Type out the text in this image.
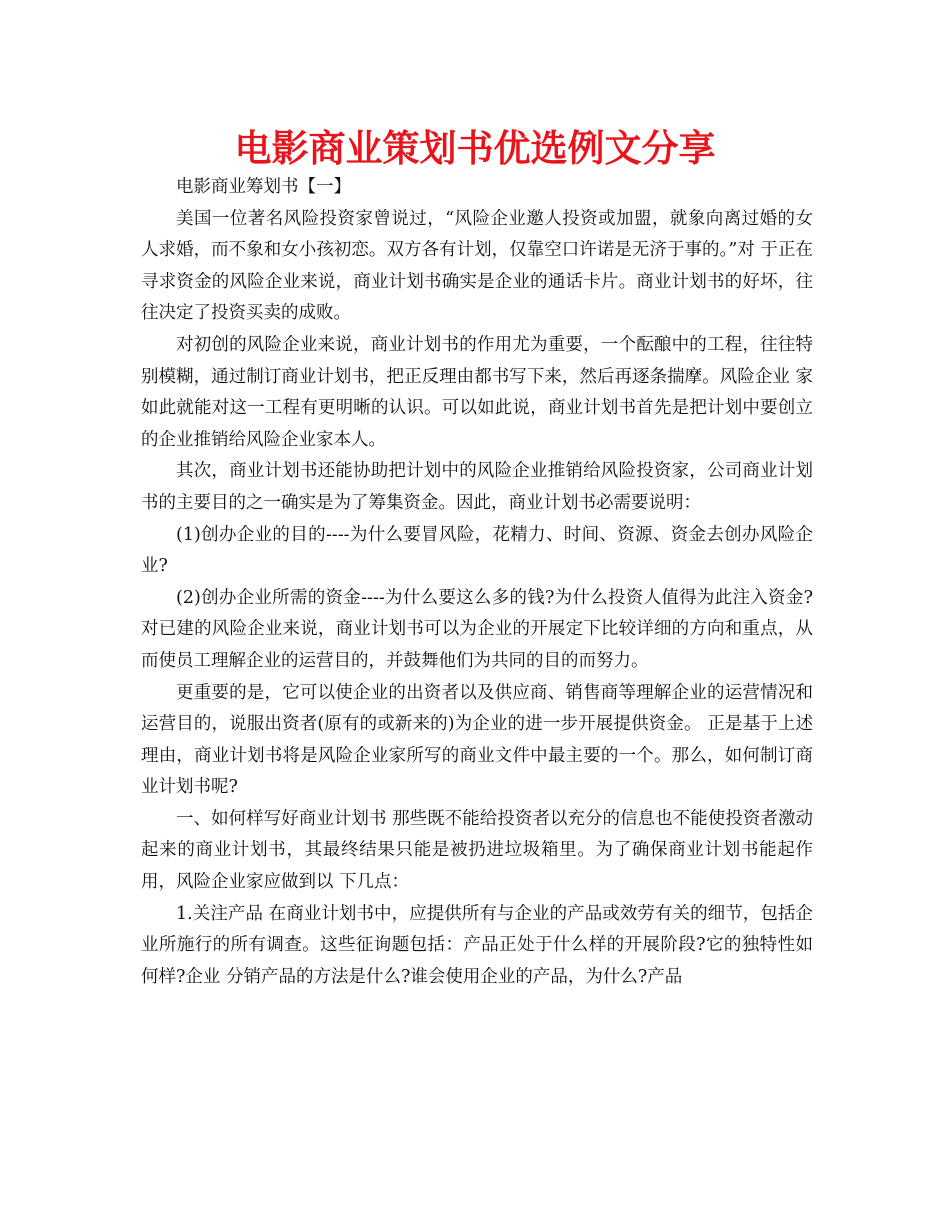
电影商业策划书优选例文分享

电影商业筹划书【一】

美国一位著名风险投资家曾说过，“风险企业邀人投资或加盟，就象向离过婚的女人求婚，而不象和女小孩初恋。双方各有计划，仅靠空口许诺是无济于事的。”对 于正在寻求资金的风险企业来说，商业计划书确实是企业的通话卡片。商业计划书的好坏，往往决定了投资买卖的成败。

对初创的风险企业来说，商业计划书的作用尤为重要，一个酝酿中的工程，往往特别模糊，通过制订商业计划书，把正反理由都书写下来，然后再逐条揣摩。风险企业 家如此就能对这一工程有更明晰的认识。可以如此说，商业计划书首先是把计划中要创立的企业推销给风险企业家本人。

其次，商业计划书还能协助把计划中的风险企业推销给风险投资家，公司商业计划书的主要目的之一确实是为了筹集资金。因此，商业计划书必需要说明：

(1)创办企业的目的----为什么要冒风险，花精力、时间、资源、资金去创办风险企业?

(2)创办企业所需的资金----为什么要这么多的钱?为什么投资人值得为此注入资金? 对已建的风险企业来说，商业计划书可以为企业的开展定下比较详细的方向和重点，从而使员工理解企业的运营目的，并鼓舞他们为共同的目的而努力。

更重要的是，它可以使企业的出资者以及供应商、销售商等理解企业的运营情况和运营目的，说服出资者(原有的或新来的)为企业的进一步开展提供资金。 正是基于上述理由，商业计划书将是风险企业家所写的商业文件中最主要的一个。那么，如何制订商业计划书呢?

一、如何样写好商业计划书 那些既不能给投资者以充分的信息也不能使投资者激动起来的商业计划书，其最终结果只能是被扔进垃圾箱里。为了确保商业计划书能起作用，风险企业家应做到以 下几点：

1.关注产品 在商业计划书中，应提供所有与企业的产品或效劳有关的细节，包括企业所施行的所有调查。这些征询题包括：产品正处于什么样的开展阶段?它的独特性如何样?企业 分销产品的方法是什么?谁会使用企业的产品，为什么?产品
